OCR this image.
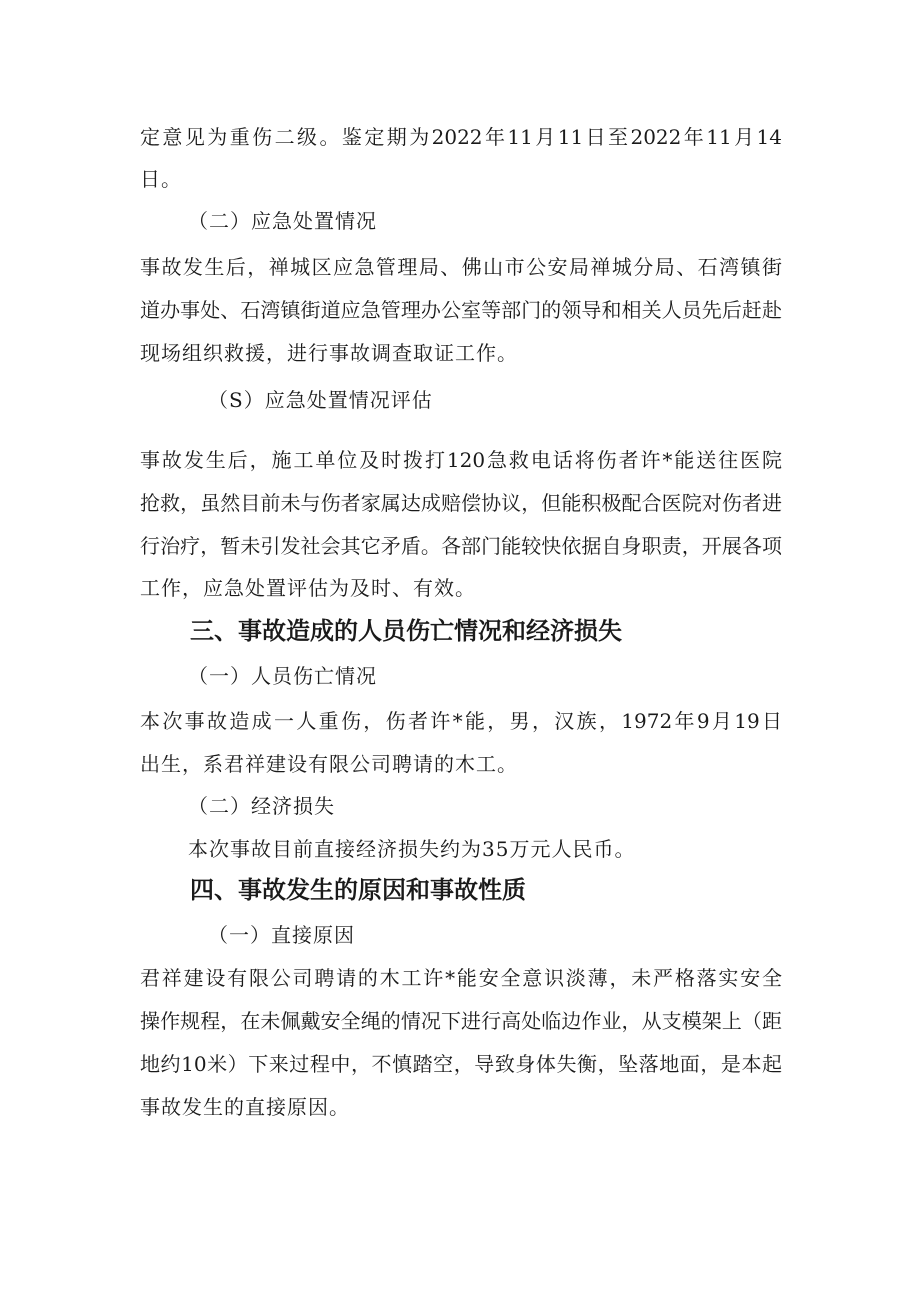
定意见为重伤二级。鉴定期为2022年11月11日至2022年11月14
日。
（二）应急处置情况
事故发生后，禅城区应急管理局、佛山市公安局禅城分局、石湾镇街
道办事处、石湾镇街道应急管理办公室等部门的领导和相关人员先后赶赴
现场组织救援，进行事故调查取证工作。
（S）应急处置情况评估
事故发生后，施工单位及时拨打120急救电话将伤者许*能送往医院
抢救，虽然目前未与伤者家属达成赔偿协议，但能积极配合医院对伤者进
行治疗，暂未引发社会其它矛盾。各部门能较快依据自身职责，开展各项
工作，应急处置评估为及时、有效。
三、事故造成的人员伤亡情况和经济损失
（一）人员伤亡情况
本次事故造成一人重伤，伤者许*能，男，汉族，1972年9月19日
出生，系君祥建设有限公司聘请的木工。
（二）经济损失
本次事故目前直接经济损失约为35万元人民币。
四、事故发生的原因和事故性质
（一）直接原因
君祥建设有限公司聘请的木工许*能安全意识淡薄，未严格落实安全
操作规程，在未佩戴安全绳的情况下进行高处临边作业，从支模架上（距
地约10米）下来过程中，不慎踏空，导致身体失衡，坠落地面，是本起
事故发生的直接原因。
